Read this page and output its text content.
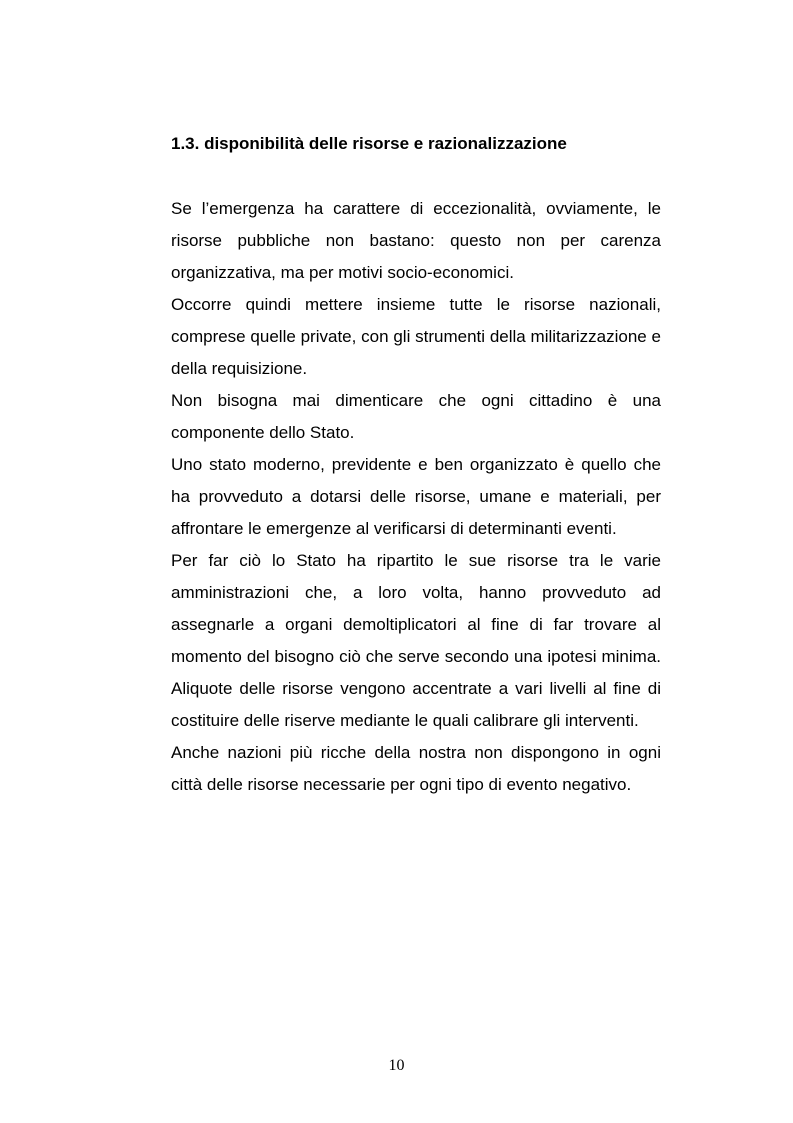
1.3. disponibilità delle risorse e razionalizzazione

Se l’emergenza ha carattere di eccezionalità, ovviamente, le risorse pubbliche non bastano: questo non per carenza organizzativa, ma per motivi socio-economici.

Occorre quindi mettere insieme tutte le risorse nazionali, comprese quelle private, con gli strumenti della militarizzazione e della requisizione.

Non bisogna mai dimenticare che ogni cittadino è una componente dello Stato.

Uno stato moderno, previdente e ben organizzato è quello che ha provveduto a dotarsi delle risorse, umane e materiali, per affrontare le emergenze al verificarsi di determinanti eventi.

Per far ciò lo Stato ha ripartito le sue risorse tra le varie amministrazioni che, a loro volta, hanno provveduto ad assegnarle a organi demoltiplicatori al fine di far trovare al momento del bisogno ciò che serve secondo una ipotesi minima. Aliquote delle risorse vengono accentrate a vari livelli al fine di costituire delle riserve mediante le quali calibrare gli interventi.

Anche nazioni più ricche della nostra non dispongono in ogni città delle risorse necessarie per ogni tipo di evento negativo.

10
